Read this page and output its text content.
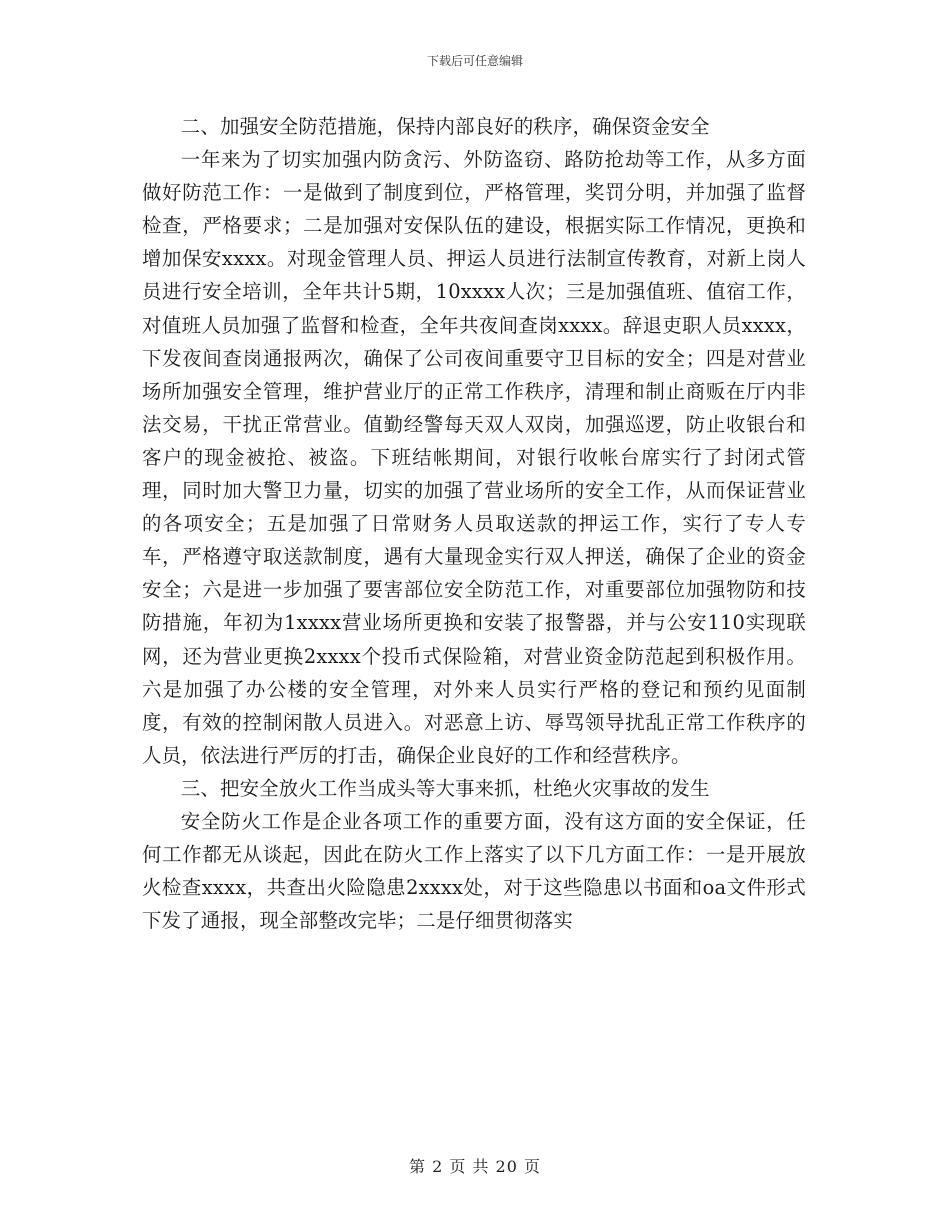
下载后可任意编辑

二、加强安全防范措施，保持内部良好的秩序，确保资金安全

一年来为了切实加强内防贪污、外防盗窃、路防抢劫等工作，从多方面做好防范工作：一是做到了制度到位，严格管理，奖罚分明，并加强了监督检查，严格要求；二是加强对安保队伍的建设，根据实际工作情况，更换和增加保安xxxx。对现金管理人员、押运人员进行法制宣传教育，对新上岗人员进行安全培训，全年共计5期，10xxxx人次；三是加强值班、值宿工作，对值班人员加强了监督和检查，全年共夜间查岗xxxx。辞退吏职人员xxxx，下发夜间查岗通报两次，确保了公司夜间重要守卫目标的安全；四是对营业场所加强安全管理，维护营业厅的正常工作秩序，清理和制止商贩在厅内非法交易，干扰正常营业。值勤经警每天双人双岗，加强巡逻，防止收银台和客户的现金被抢、被盗。下班结帐期间，对银行收帐台席实行了封闭式管理，同时加大警卫力量，切实的加强了营业场所的安全工作，从而保证营业的各项安全；五是加强了日常财务人员取送款的押运工作，实行了专人专车，严格遵守取送款制度，遇有大量现金实行双人押送，确保了企业的资金安全；六是进一步加强了要害部位安全防范工作，对重要部位加强物防和技防措施，年初为1xxxx营业场所更换和安装了报警器，并与公安110实现联网，还为营业更换2xxxx个投币式保险箱，对营业资金防范起到积极作用。六是加强了办公楼的安全管理，对外来人员实行严格的登记和预约见面制度，有效的控制闲散人员进入。对恶意上访、辱骂领导扰乱正常工作秩序的人员，依法进行严厉的打击，确保企业良好的工作和经营秩序。

三、把安全放火工作当成头等大事来抓，杜绝火灾事故的发生

安全防火工作是企业各项工作的重要方面，没有这方面的安全保证，任何工作都无从谈起，因此在防火工作上落实了以下几方面工作：一是开展放火检查xxxx，共查出火险隐患2xxxx处，对于这些隐患以书面和oa文件形式下发了通报，现全部整改完毕；二是仔细贯彻落实

第 2 页 共 20 页
